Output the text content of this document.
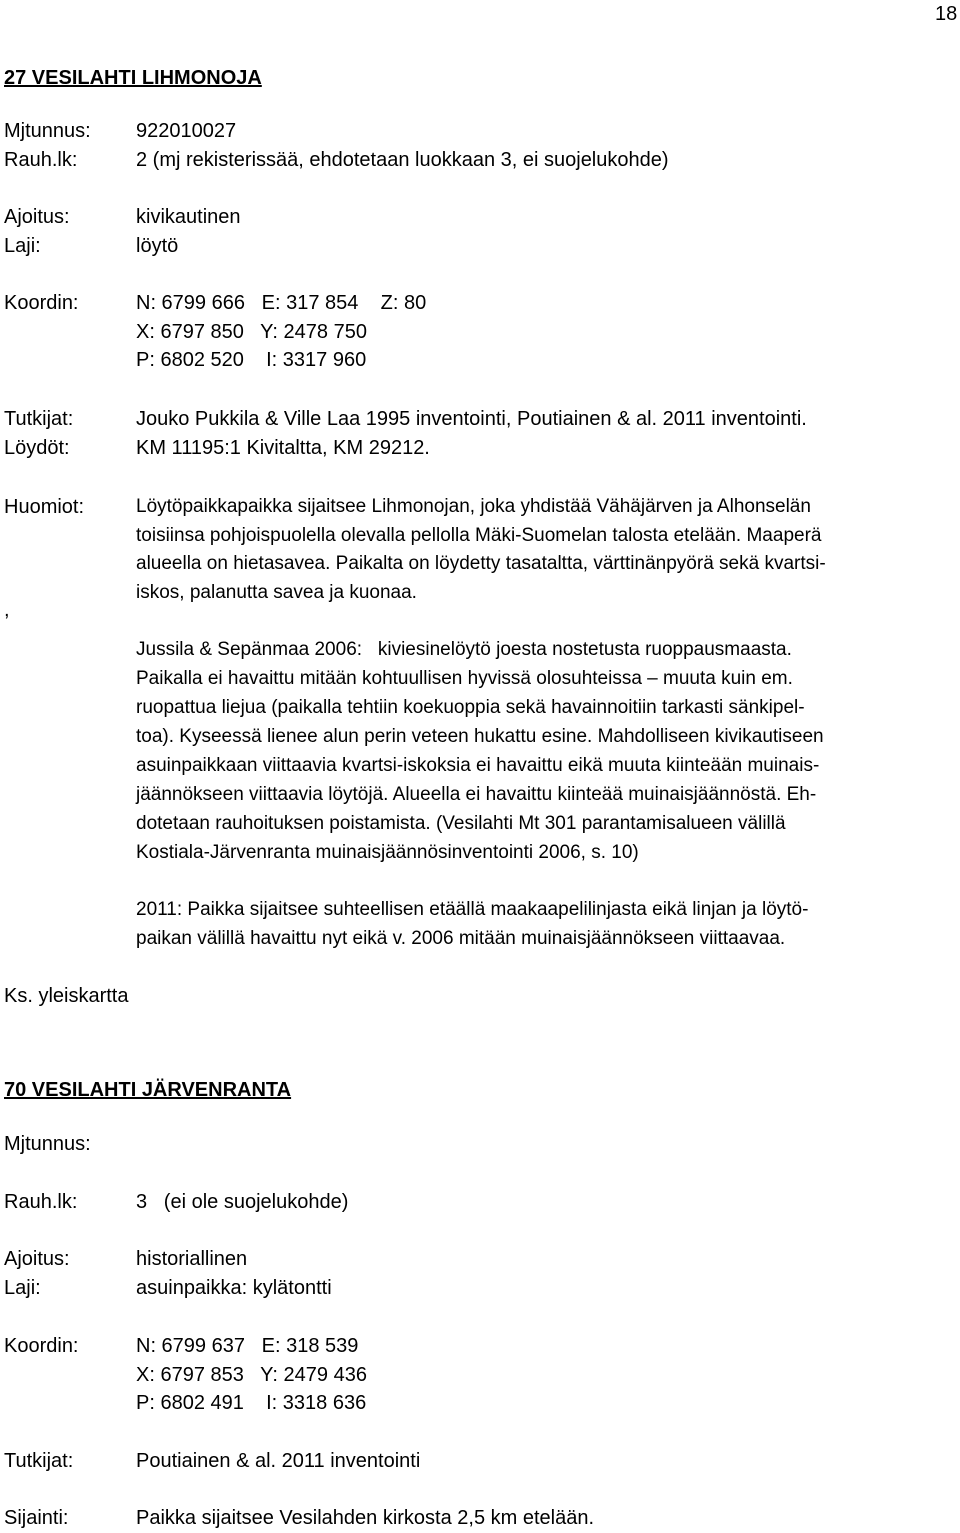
18
27 VESILAHTI LIHMONOJA
Mjtunnus: 922010027
Rauh.lk:	2 (mj rekisterissää, ehdotetaan luokkaan 3, ei suojelukohde)
Ajoitus:	kivikautinen
Laji:	löytö
Koordin:	N: 6799 666   E: 317 854    Z: 80
X: 6797 850   Y: 2478 750
P: 6802 520    I: 3317 960
Tutkijat:	Jouko Pukkila & Ville Laa 1995 inventointi, Poutiainen & al. 2011 inventointi.
Löydöt:	KM 11195:1 Kivitaltta, KM 29212.
Huomiot:
,
Löytöpaikkapaikka sijaitsee Lihmonojan, joka yhdistää Vähäjärven ja Alhonselän
toisiinsa pohjoispuolella olevalla pellolla Mäki-Suomelan talosta etelään. Maaperä
alueella on hietasavea. Paikalta on löydetty tasataltta, värttinänpyörä sekä kvartsi-
iskos, palanutta savea ja kuonaa.
Jussila & Sepänmaa 2006:   kiviesinelöytö joesta nostetusta ruoppausmaasta.
Paikalla ei havaittu mitään kohtuullisen hyvissä olosuhteissa – muuta kuin em.
ruopattua liejua (paikalla tehtiin koekuoppia sekä havainnoitiin tarkasti sänkipel-
toa). Kyseessä lienee alun perin veteen hukattu esine. Mahdolliseen kivikautiseen
asuinpaikkaan viittaavia kvartsi-iskoksia ei havaittu eikä muuta kiinteään muinais-
jäännökseen viittaavia löytöjä. Alueella ei havaittu kiinteää muinaisjäännöstä. Eh-
dotetaan rauhoituksen poistamista. (Vesilahti Mt 301 parantamisalueen välillä
Kostiala-Järvenranta muinaisjäännösinventointi 2006, s. 10)
2011: Paikka sijaitsee suhteellisen etäällä maakaapelilinjasta eikä linjan ja löytö-
paikan välillä havaittu nyt eikä v. 2006 mitään muinaisjäännökseen viittaavaa.
Ks. yleiskartta
70 VESILAHTI JÄRVENRANTA
Mjtunnus:
Rauh.lk:	3   (ei ole suojelukohde)
Ajoitus:	historiallinen
Laji:	asuinpaikka: kylätontti
Koordin:	N: 6799 637   E: 318 539
X: 6797 853   Y: 2479 436
P: 6802 491    I: 3318 636
Tutkijat:	Poutiainen & al. 2011 inventointi
Sijainti:	Paikka sijaitsee Vesilahden kirkosta 2,5 km etelään.
